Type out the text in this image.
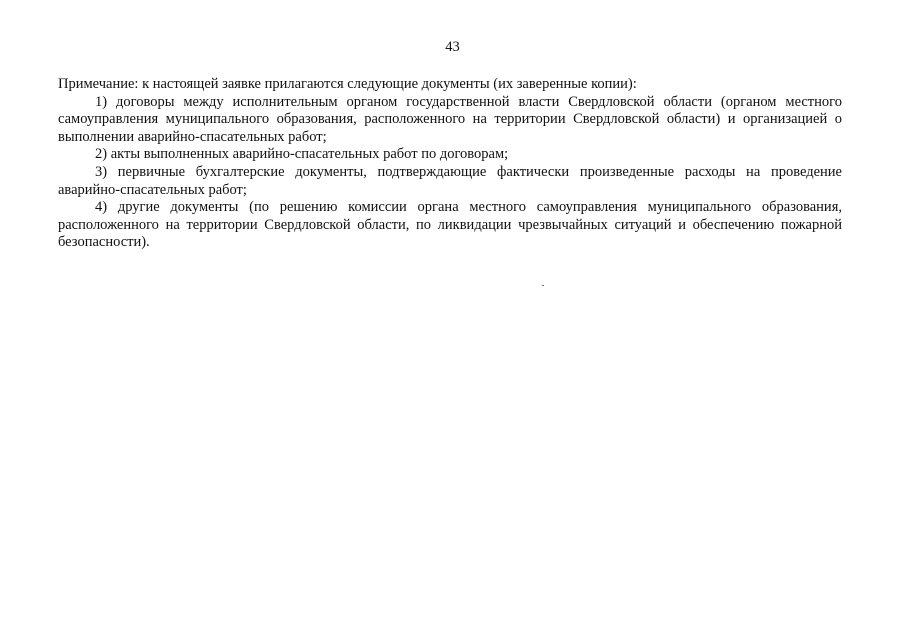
43

Примечание: к настоящей заявке прилагаются следующие документы (их заверенные копии):

1) договоры между исполнительным органом государственной власти Свердловской области (органом местного самоуправления муниципального образования, расположенного на территории Свердловской области) и организацией о выполнении аварийно-спасательных работ;

2) акты выполненных аварийно-спасательных работ по договорам;

3) первичные бухгалтерские документы, подтверждающие фактически произведенные расходы на проведение аварийно-спасательных работ;

4) другие документы (по решению комиссии органа местного самоуправления муниципального образования, расположенного на территории Свердловской области, по ликвидации чрезвычайных ситуаций и обеспечению пожарной безопасности).
